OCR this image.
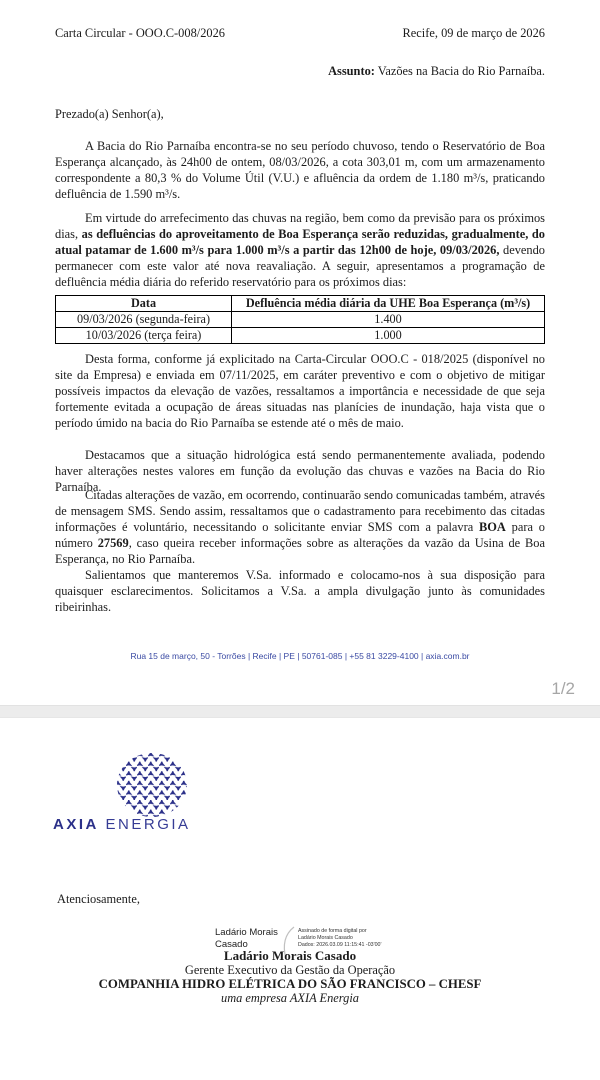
Carta Circular - OOO.C-008/2026	Recife, 09 de março de 2026
Assunto: Vazões na Bacia do Rio Parnaíba.
Prezado(a) Senhor(a),

A Bacia do Rio Parnaíba encontra-se no seu período chuvoso, tendo o Reservatório de Boa Esperança alcançado, às 24h00 de ontem, 08/03/2026, a cota 303,01 m, com um armazenamento correspondente a 80,3 % do Volume Útil (V.U.) e afluência da ordem de 1.180 m³/s, praticando defluência de 1.590 m³/s.

Em virtude do arrefecimento das chuvas na região, bem como da previsão para os próximos dias, as defluências do aproveitamento de Boa Esperança serão reduzidas, gradualmente, do atual patamar de 1.600 m³/s para 1.000 m³/s a partir das 12h00 de hoje, 09/03/2026, devendo permanecer com este valor até nova reavaliação. A seguir, apresentamos a programação de defluência média diária do referido reservatório para os próximos dias:

Data	Defluência média diária da UHE Boa Esperança (m³/s)
09/03/2026 (segunda-feira)	1.400
10/03/2026 (terça feira)	1.000

Desta forma, conforme já explicitado na Carta-Circular OOO.C - 018/2025 (disponível no site da Empresa) e enviada em 07/11/2025, em caráter preventivo e com o objetivo de mitigar possíveis impactos da elevação de vazões, ressaltamos a importância e necessidade de que seja fortemente evitada a ocupação de áreas situadas nas planícies de inundação, haja vista que o período úmido na bacia do Rio Parnaíba se estende até o mês de maio.

Destacamos que a situação hidrológica está sendo permanentemente avaliada, podendo haver alterações nestes valores em função da evolução das chuvas e vazões na Bacia do Rio Parnaíba.

Citadas alterações de vazão, em ocorrendo, continuarão sendo comunicadas também, através de mensagem SMS. Sendo assim, ressaltamos que o cadastramento para recebimento das citadas informações é voluntário, necessitando o solicitante enviar SMS com a palavra BOA para o número 27569, caso queira receber informações sobre as alterações da vazão da Usina de Boa Esperança, no Rio Parnaíba.

Salientamos que manteremos V.Sa. informado e colocamo-nos à sua disposição para quaisquer esclarecimentos. Solicitamos a V.Sa. a ampla divulgação junto às comunidades ribeirinhas.

Rua 15 de março, 50 - Torrões | Recife | PE | 50761-085 | +55 81 3229-4100 | axia.com.br
1/2
AXIA ENERGIA
Atenciosamente,
Ladário Morais
Casado
Assinado de forma digital por
Ladário Morais Casado
Dados: 2026.03.09 11:15:41 -03'00'

Ladário Morais Casado

Gerente Executivo da Gestão da Operação

COMPANHIA HIDRO ELÉTRICA DO SÃO FRANCISCO – CHESF

uma empresa AXIA Energia
